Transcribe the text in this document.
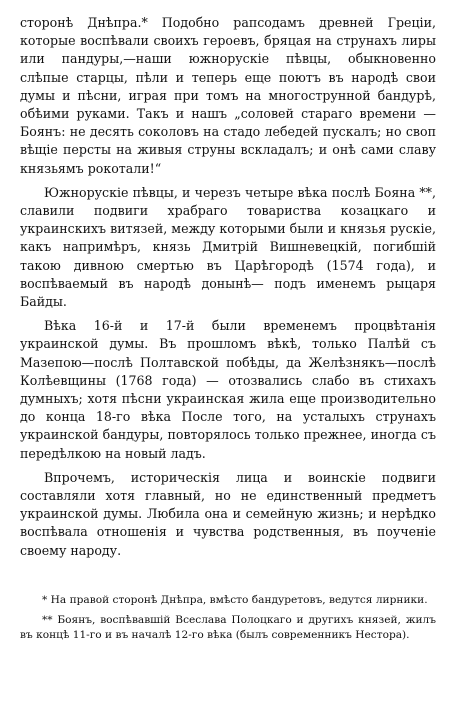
сторонѣ Днѣпра.* Подобно рапсодамъ древней Греціи, которые воспѣвали своихъ героевъ, бряцая на струнахъ лиры или пандуры,—наши южнорускіе пѣвцы, обыкновенно слѣпые старцы, пѣли и теперь еще поютъ въ народѣ свои думы и пѣсни, играя при томъ на многострунной бандурѣ, обѣими руками. Такъ и нашъ „соловей стараго времени — Боянъ: не десять соколовъ на стадо лебедей пускалъ; но своп вѣщіе персты на живыя струны вскладалъ; и онѣ сами славу князьямъ рокотали!“

Южнорускіе пѣвцы, и черезъ четыре вѣка послѣ Бояна **, славили подвиги храбраго товариства козацкаго и украинскихъ витязей, между которыми были и князья рускіе, какъ напримѣръ, князь Дмитрій Вишневецкій, погибшій такою дивною смертью въ Царѣгородѣ (1574 года), и воспѣваемый въ народѣ донынѣ— подъ именемъ рыцаря Байды.

Вѣка 16-й и 17-й были временемъ процвѣтанія украинской думы. Въ прошломъ вѣкѣ, только Палѣй съ Мазепою—послѣ Полтавской побѣды, да Желѣзнякъ—послѣ Колѣевщины (1768 года) — отозвались слабо въ стихахъ думныхъ; хотя пѣсни украинская жила еще производительно до конца 18-го вѣка После того, на усталыхъ струнахъ украинской бандуры, повторялось только прежнее, иногда съ передѣлкою на новый ладъ.

Впрочемъ, историческія лица и воинскіе подвиги составляли хотя главный, но не единственный предметъ украинской думы. Любила она и семейную жизнь; и нерѣдко воспѣвала отношенія и чувства родственныя, въ поученіе своему народу.

* На правой сторонѣ Днѣпра, вмѣсто бандуретовъ, ведутся лирники.

** Боянъ, воспѣвавшій Всеслава Полоцкаго и другихъ князей, жилъ въ концѣ 11-го и въ началѣ 12-го вѣка (былъ современникъ Нестора).
